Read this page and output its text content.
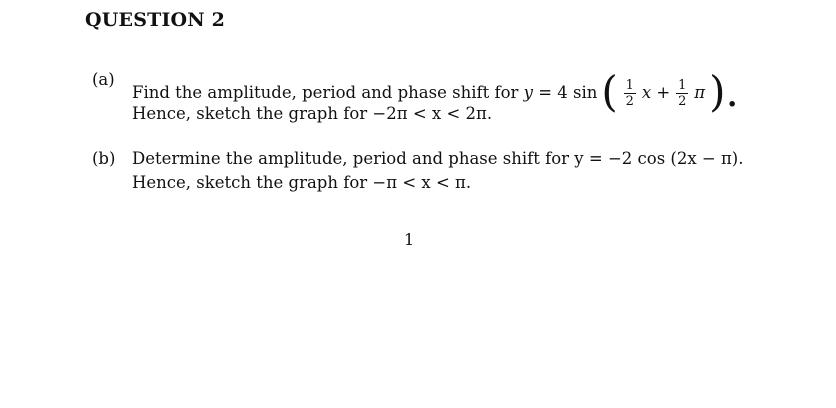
QUESTION 2
(a)
Find the amplitude, period and phase shift for y = 4 sin ( $\frac{1}{2}$ $x + \frac{1}{2}$ π ).
Hence, sketch the graph for −2π < x < 2π.
(b) Determine the amplitude, period and phase shift for y = −2 cos (2x − π).
Hence, sketch the graph for −π < x < π.
1
